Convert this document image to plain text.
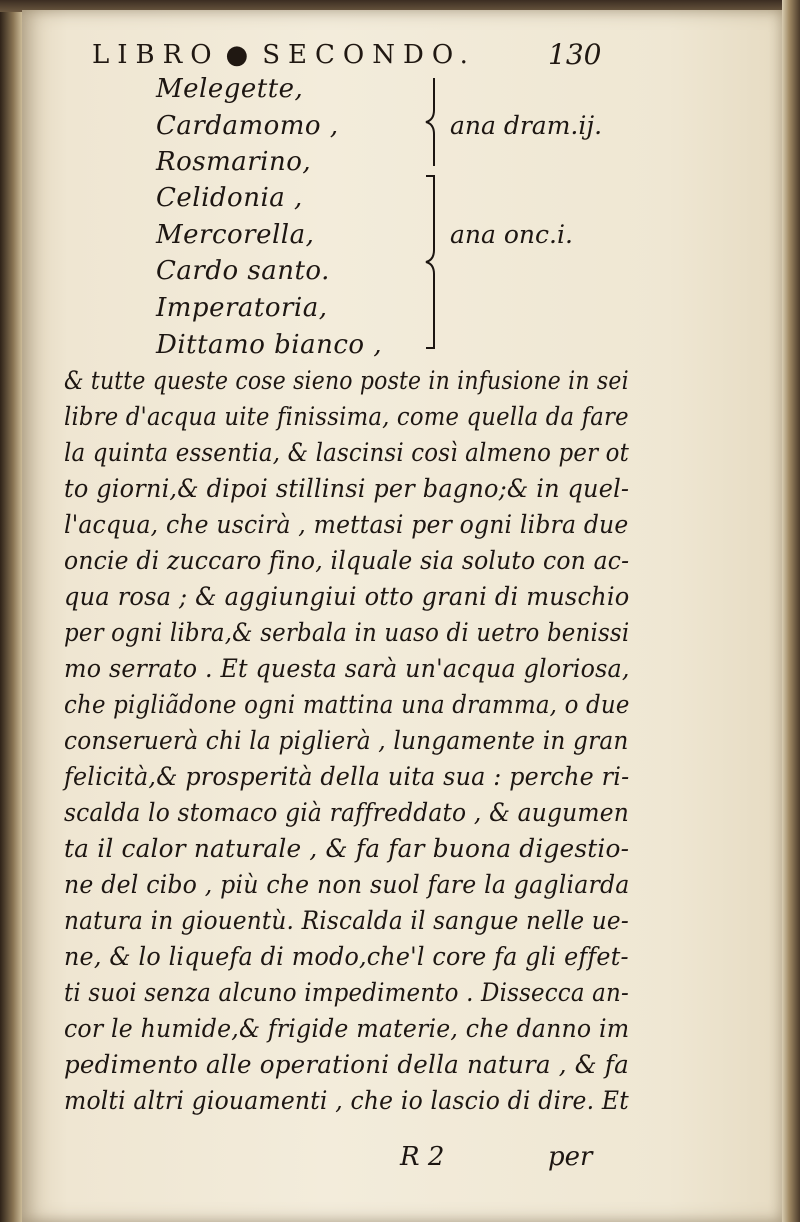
LIBRO ● SECONDO.	130
Melegette,
Cardamomo ,
Rosmarino,
ana dram.ij.
Celidonia ,
Mercorella,
Cardo santo.
Imperatoria,
Dittamo bianco ,
ana onc.i.
& tutte queste cose sieno poste in infusione in sei
libre d'acqua uite finissima, come quella da fare
la quinta essentia, & lascinsi così almeno per ot
to giorni,& dipoi stillinsi per bagno;& in quel-
l'acqua, che uscirà , mettasi per ogni libra due
oncie di zuccaro fino, ilquale sia soluto con ac-
qua rosa ; & aggiungiui otto grani di muschio
per ogni libra,& serbala in uaso di uetro benissi
mo serrato . Et questa sarà un'acqua gloriosa,
che pigliãdone ogni mattina una dramma, o due
conseruerà chi la piglierà , lungamente in gran
felicità,& prosperità della uita sua : perche ri-
scalda lo stomaco già raffreddato , & augumen
ta il calor naturale , & fa far buona digestio-
ne del cibo , più che non suol fare la gagliarda
natura in giouentù. Riscalda il sangue nelle ue-
ne, & lo liquefa di modo,che'l core fa gli effet-
ti suoi senza alcuno impedimento . Dissecca an-
cor le humide,& frigide materie, che danno im
pedimento alle operationi della natura , & fa
molti altri giouamenti , che io lascio di dire. Et
R 2	per
